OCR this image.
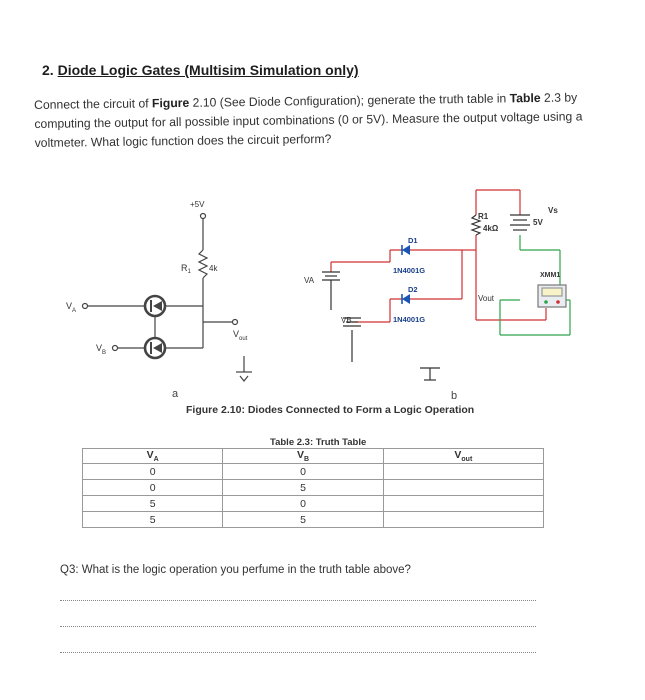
2. Diode Logic Gates (Multisim Simulation only)
Connect the circuit of Figure 2.10 (See Diode Configuration); generate the truth table in Table 2.3 by computing the output for all possible input combinations (0 or 5V). Measure the output voltage using a voltmeter. What logic function does the circuit perform?
+5V
$R_1$ 4k
$V_A$
$V_B$
$V_{out}$
D1
1N4001G
D2
1N4001G
VA
VB
R1
4kΩ
Vs
5V
Vout
XMM1
a	b
Figure 2.10: Diodes Connected to Form a Logic Operation
Table 2.3: Truth Table
$V_A$	$V_B$	$V_{out}$
0	0	
0	5	
5	0	
5	5	
Q3: What is the logic operation you perfume in the truth table above?
